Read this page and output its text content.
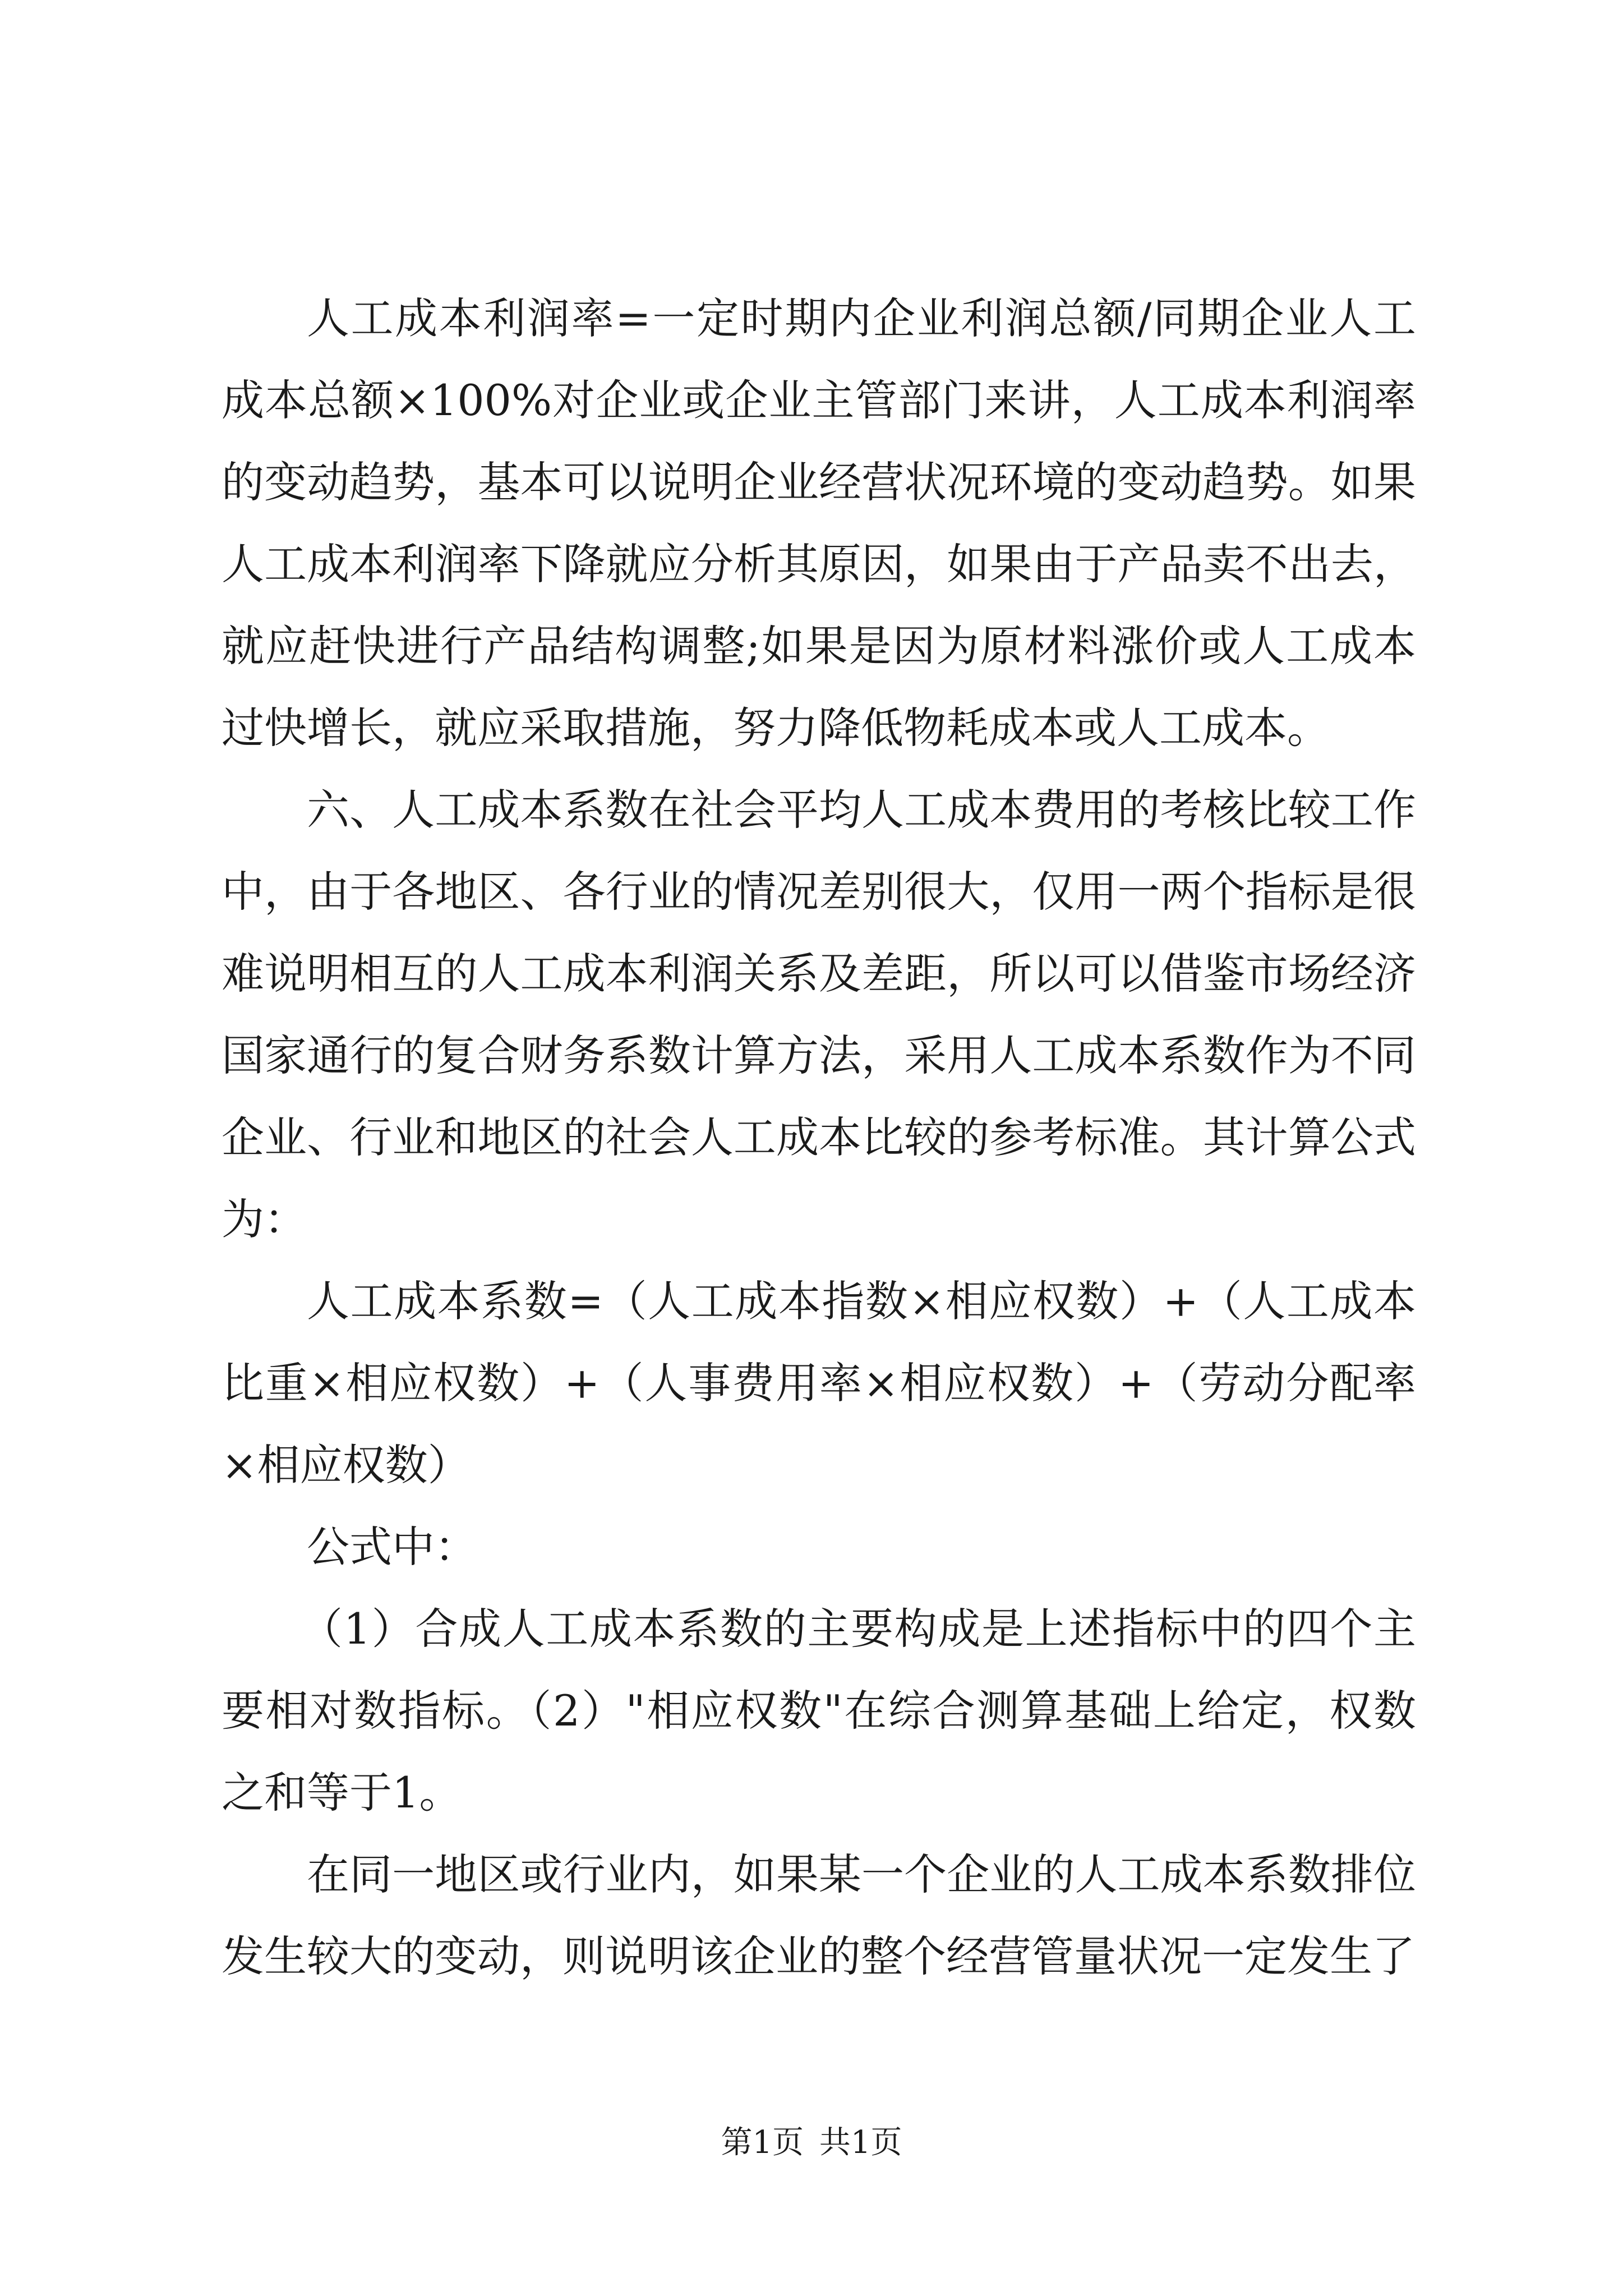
人工成本利润率=一定时期内企业利润总额/同期企业人工成本总额×100%对企业或企业主管部门来讲，人工成本利润率的变动趋势，基本可以说明企业经营状况环境的变动趋势。如果人工成本利润率下降就应分析其原因，如果由于产品卖不出去，就应赶快进行产品结构调整;如果是因为原材料涨价或人工成本过快增长，就应采取措施，努力降低物耗成本或人工成本。

六、人工成本系数在社会平均人工成本费用的考核比较工作中，由于各地区、各行业的情况差别很大，仅用一两个指标是很难说明相互的人工成本利润关系及差距，所以可以借鉴市场经济国家通行的复合财务系数计算方法，采用人工成本系数作为不同企业、行业和地区的社会人工成本比较的参考标准。其计算公式为：

人工成本系数=（人工成本指数×相应权数）+（人工成本比重×相应权数）+（人事费用率×相应权数）+（劳动分配率×相应权数）

公式中：

（1）合成人工成本系数的主要构成是上述指标中的四个主要相对数指标。（2）"相应权数"在综合测算基础上给定，权数之和等于1。

在同一地区或行业内，如果某一个企业的人工成本系数排位发生较大的变动，则说明该企业的整个经营管量状况一定发生了

第1页 共1页
